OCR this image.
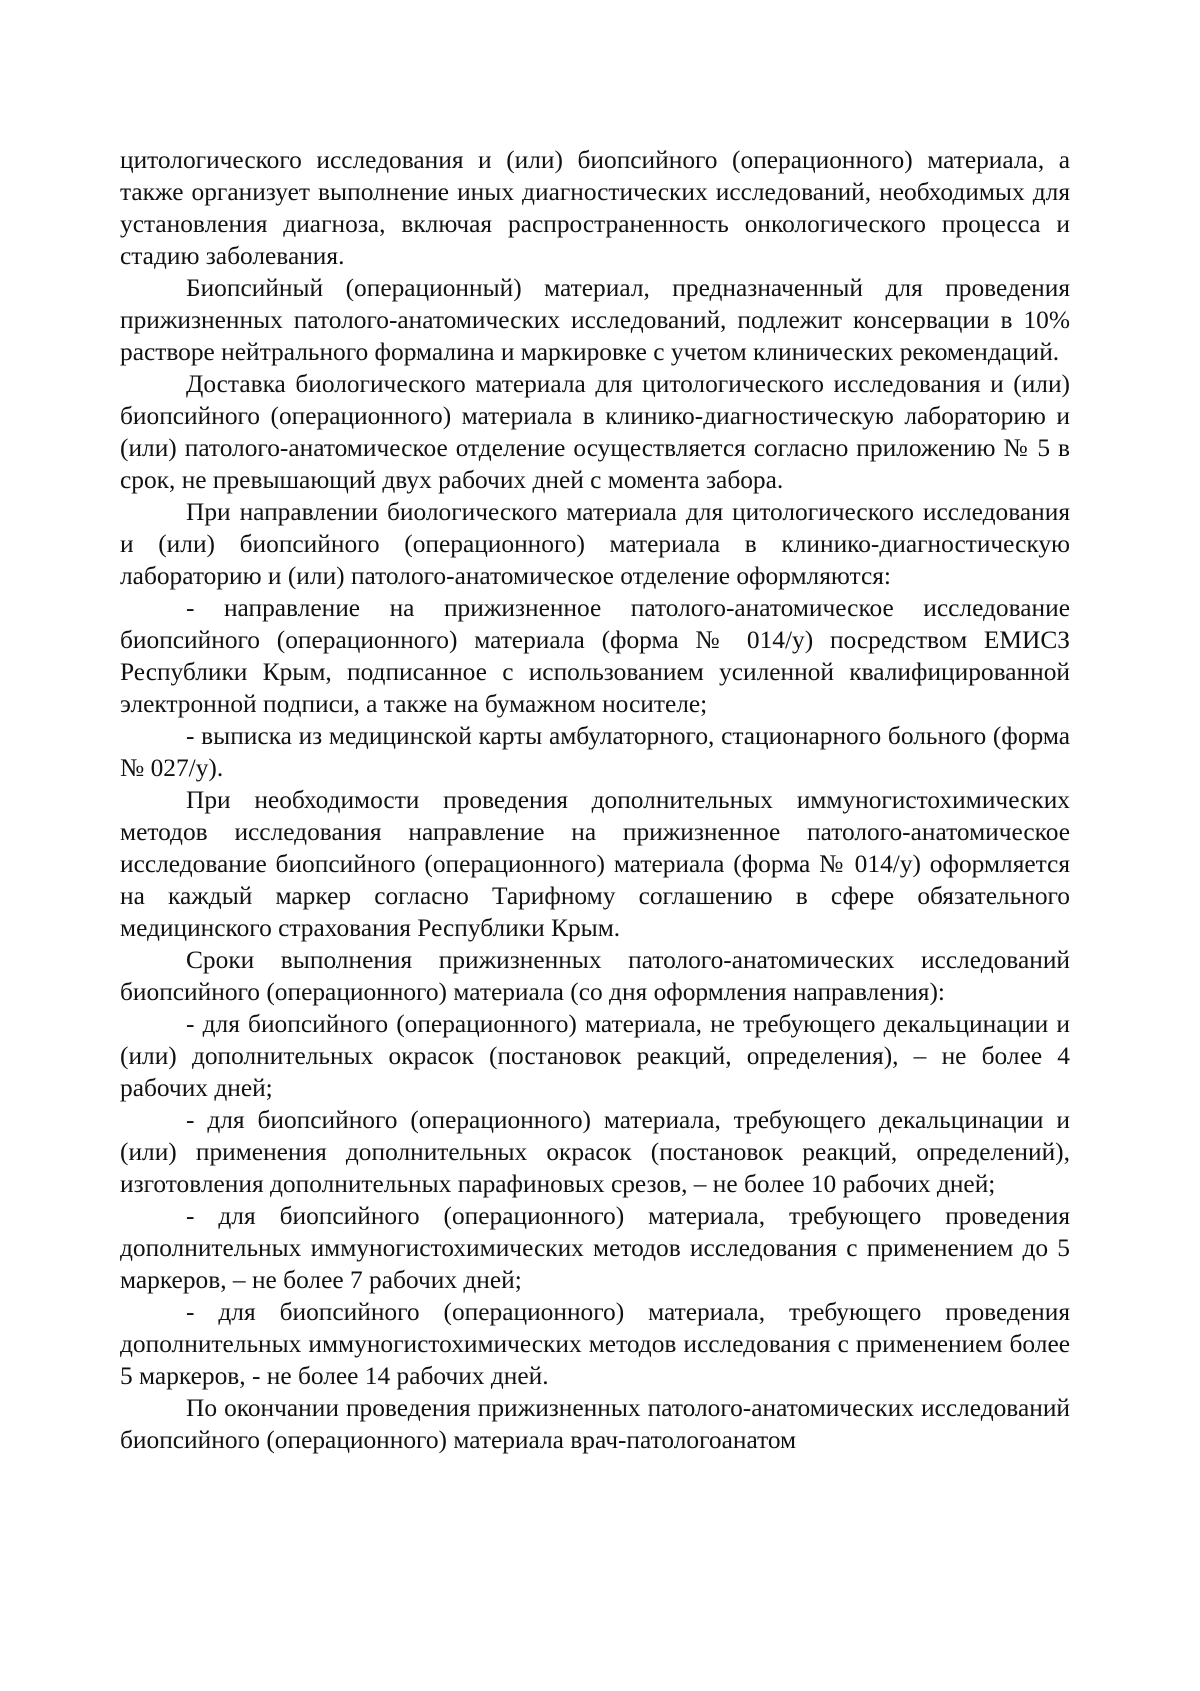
цитологического исследования и (или) биопсийного (операционного) материала, а также организует выполнение иных диагностических исследований, необходимых для установления диагноза, включая распространенность онкологического процесса и стадию заболевания.

Биопсийный (операционный) материал, предназначенный для проведения прижизненных патолого-анатомических исследований, подлежит консервации в 10% растворе нейтрального формалина и маркировке с учетом клинических рекомендаций.

Доставка биологического материала для цитологического исследования и (или) биопсийного (операционного) материала в клинико-диагностическую лабораторию и (или) патолого-анатомическое отделение осуществляется согласно приложению № 5 в срок, не превышающий двух рабочих дней с момента забора.

При направлении биологического материала для цитологического исследования и (или) биопсийного (операционного) материала в клинико-диагностическую лабораторию и (или) патолого-анатомическое отделение оформляются:

- направление на прижизненное патолого-анатомическое исследование биопсийного (операционного) материала (форма № 014/у) посредством ЕМИСЗ Республики Крым, подписанное с использованием усиленной квалифицированной электронной подписи, а также на бумажном носителе;

- выписка из медицинской карты амбулаторного, стационарного больного (форма № 027/у).

При необходимости проведения дополнительных иммуногистохимических методов исследования направление на прижизненное патолого-анатомическое исследование биопсийного (операционного) материала (форма № 014/у) оформляется на каждый маркер согласно Тарифному соглашению в сфере обязательного медицинского страхования Республики Крым.

Сроки выполнения прижизненных патолого-анатомических исследований биопсийного (операционного) материала (со дня оформления направления):

- для биопсийного (операционного) материала, не требующего декальцинации и (или) дополнительных окрасок (постановок реакций, определения), – не более 4 рабочих дней;

- для биопсийного (операционного) материала, требующего декальцинации и (или) применения дополнительных окрасок (постановок реакций, определений), изготовления дополнительных парафиновых срезов, – не более 10 рабочих дней;

- для биопсийного (операционного) материала, требующего проведения дополнительных иммуногистохимических методов исследования с применением до 5 маркеров, – не более 7 рабочих дней;

- для биопсийного (операционного) материала, требующего проведения дополнительных иммуногистохимических методов исследования с применением более 5 маркеров, - не более 14 рабочих дней.

По окончании проведения прижизненных патолого-анатомических исследований биопсийного (операционного) материала врач-патологоанатом
